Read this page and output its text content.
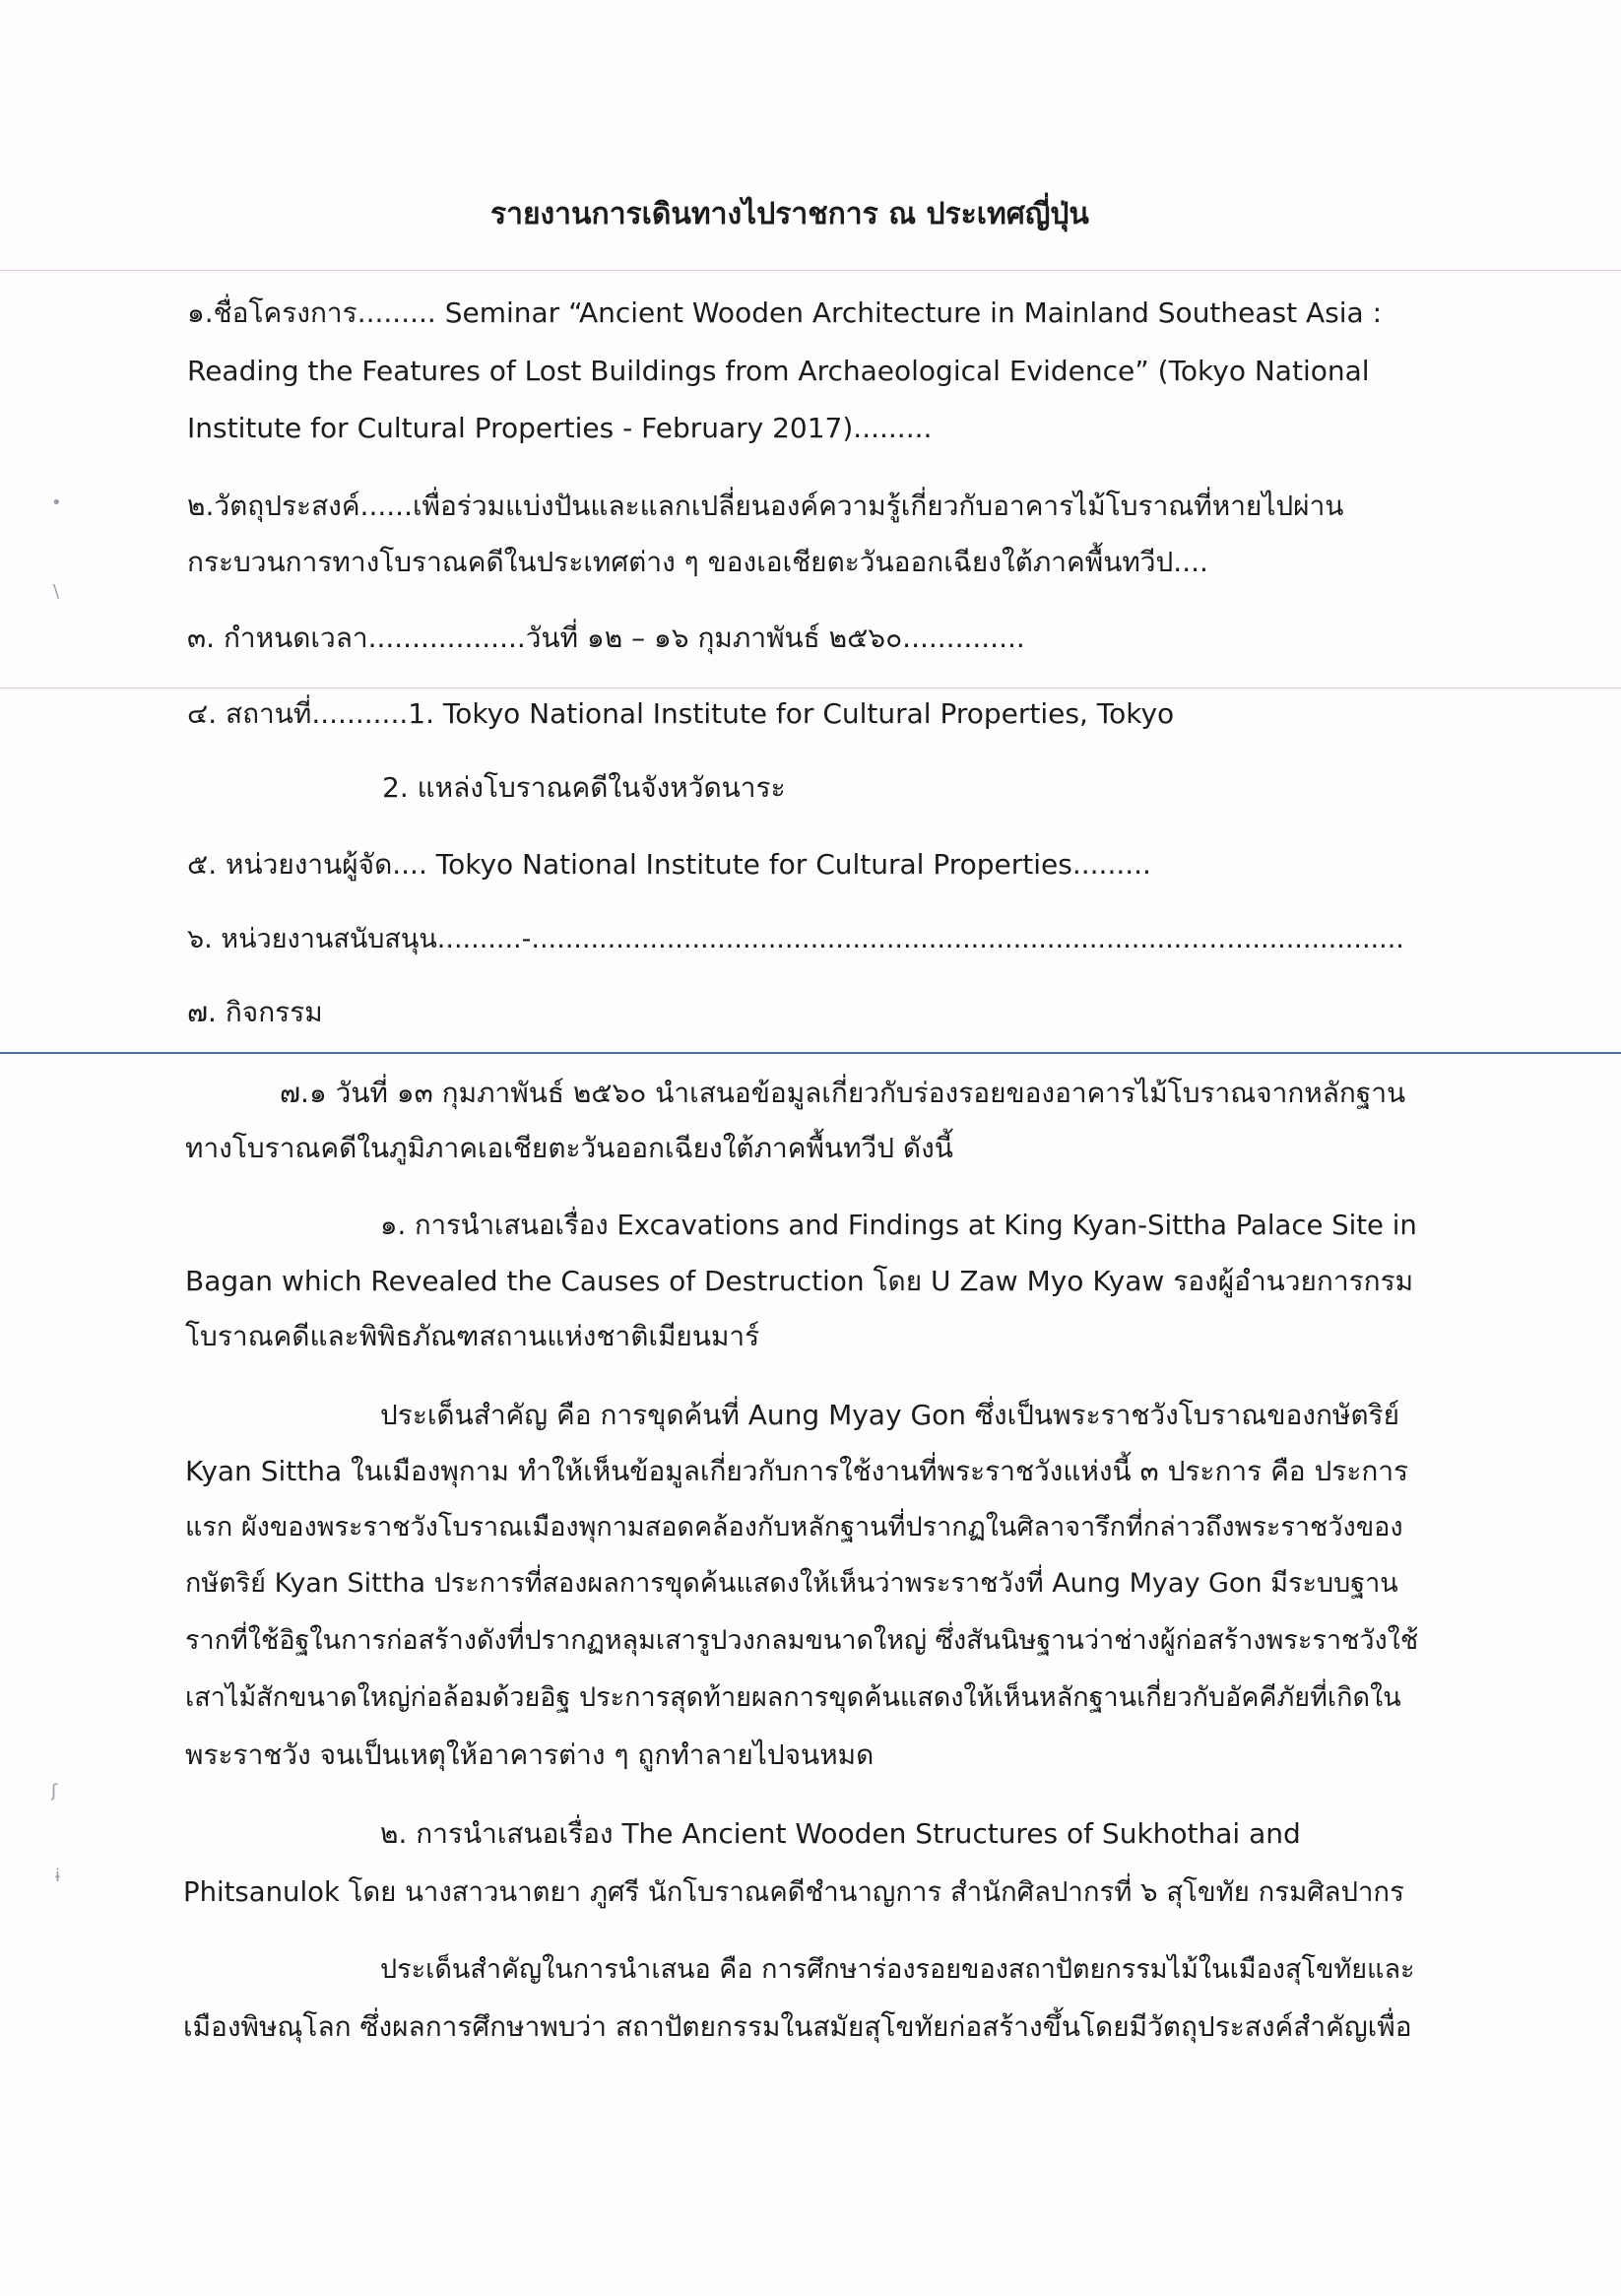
•
\
ʃ
ɨ
รายงานการเดินทางไปราชการ ณ ประเทศญี่ปุ่น
๑.ชื่อโครงการ......... Seminar “Ancient Wooden Architecture in Mainland Southeast Asia :
Reading the Features of Lost Buildings from Archaeological Evidence” (Tokyo National
Institute for Cultural Properties - February 2017).........
๒.วัตถุประสงค์......เพื่อร่วมแบ่งปันและแลกเปลี่ยนองค์ความรู้เกี่ยวกับอาคารไม้โบราณที่หายไปผ่าน
กระบวนการทางโบราณคดีในประเทศต่าง ๆ ของเอเชียตะวันออกเฉียงใต้ภาคพื้นทวีป....
๓. กำหนดเวลา..................วันที่ ๑๒ – ๑๖ กุมภาพันธ์ ๒๕๖๐..............
๔. สถานที่...........1. Tokyo National Institute for Cultural Properties, Tokyo
2. แหล่งโบราณคดีในจังหวัดนาระ
๕. หน่วยงานผู้จัด.... Tokyo National Institute for Cultural Properties.........
๖. หน่วยงานสนับสนุน..........-.............................................................................……....................
๗. กิจกรรม
๗.๑ วันที่ ๑๓ กุมภาพันธ์ ๒๕๖๐ นำเสนอข้อมูลเกี่ยวกับร่องรอยของอาคารไม้โบราณจากหลักฐาน
ทางโบราณคดีในภูมิภาคเอเชียตะวันออกเฉียงใต้ภาคพื้นทวีป ดังนี้
๑. การนำเสนอเรื่อง Excavations and Findings at King Kyan-Sittha Palace Site in
Bagan which Revealed the Causes of Destruction โดย U Zaw Myo Kyaw รองผู้อำนวยการกรม
โบราณคดีและพิพิธภัณฑสถานแห่งชาติเมียนมาร์
ประเด็นสำคัญ คือ การขุดค้นที่ Aung Myay Gon ซึ่งเป็นพระราชวังโบราณของกษัตริย์
Kyan Sittha ในเมืองพุกาม ทำให้เห็นข้อมูลเกี่ยวกับการใช้งานที่พระราชวังแห่งนี้ ๓ ประการ คือ ประการ
แรก ผังของพระราชวังโบราณเมืองพุกามสอดคล้องกับหลักฐานที่ปรากฏในศิลาจารึกที่กล่าวถึงพระราชวังของ
กษัตริย์ Kyan Sittha ประการที่สองผลการขุดค้นแสดงให้เห็นว่าพระราชวังที่ Aung Myay Gon มีระบบฐาน
รากที่ใช้อิฐในการก่อสร้างดังที่ปรากฏหลุมเสารูปวงกลมขนาดใหญ่ ซึ่งสันนิษฐานว่าช่างผู้ก่อสร้างพระราชวังใช้
เสาไม้สักขนาดใหญ่ก่อล้อมด้วยอิฐ ประการสุดท้ายผลการขุดค้นแสดงให้เห็นหลักฐานเกี่ยวกับอัคคีภัยที่เกิดใน
พระราชวัง จนเป็นเหตุให้อาคารต่าง ๆ ถูกทำลายไปจนหมด
๒. การนำเสนอเรื่อง The Ancient Wooden Structures of Sukhothai and
Phitsanulok โดย นางสาวนาตยา ภูศรี นักโบราณคดีชำนาญการ สำนักศิลปากรที่ ๖ สุโขทัย กรมศิลปากร
ประเด็นสำคัญในการนำเสนอ คือ การศึกษาร่องรอยของสถาปัตยกรรมไม้ในเมืองสุโขทัยและ
เมืองพิษณุโลก ซึ่งผลการศึกษาพบว่า สถาปัตยกรรมในสมัยสุโขทัยก่อสร้างขึ้นโดยมีวัตถุประสงค์สำคัญเพื่อ
